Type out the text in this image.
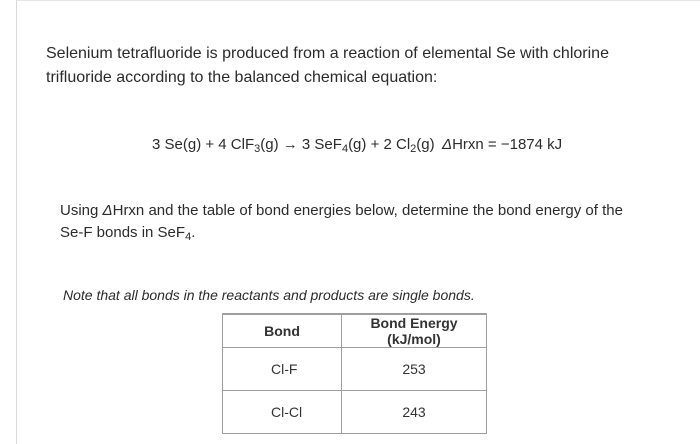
Selenium tetrafluoride is produced from a reaction of elemental Se with chlorine trifluoride according to the balanced chemical equation:

3 Se(g) + 4 ClF$_3$(g) → 3 SeF$_4$(g) + 2 $Cl_2(g)$ ΔHrxn = −1874 kJ

Using ΔHrxn and the table of bond energies below, determine the bond energy of the Se-F bonds in SeF$_4$.

Note that all bonds in the reactants and products are single bonds.

Bond	Bond Energy (kJ/mol)
Cl-F	253
Cl-Cl	243
